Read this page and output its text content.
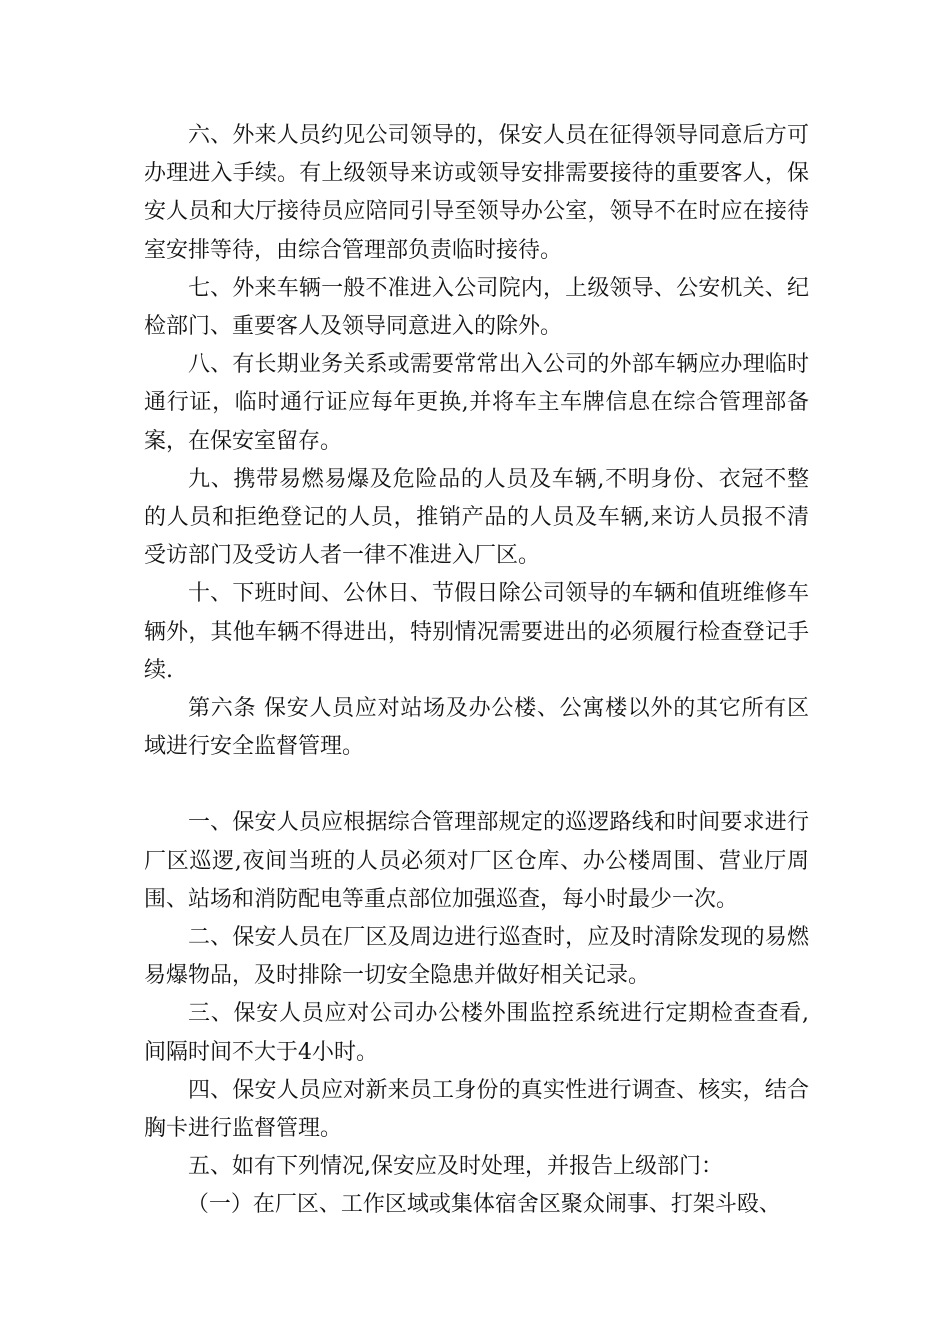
六、外来人员约见公司领导的，保安人员在征得领导同意后方可办理进入手续。有上级领导来访或领导安排需要接待的重要客人，保安人员和大厅接待员应陪同引导至领导办公室，领导不在时应在接待室安排等待，由综合管理部负责临时接待。

七、外来车辆一般不准进入公司院内，上级领导、公安机关、纪检部门、重要客人及领导同意进入的除外。

八、有长期业务关系或需要常常出入公司的外部车辆应办理临时通行证，临时通行证应每年更换,并将车主车牌信息在综合管理部备案，在保安室留存。

九、携带易燃易爆及危险品的人员及车辆,不明身份、衣冠不整的人员和拒绝登记的人员，推销产品的人员及车辆,来访人员报不清受访部门及受访人者一律不准进入厂区。

十、下班时间、公休日、节假日除公司领导的车辆和值班维修车辆外，其他车辆不得进出，特别情况需要进出的必须履行检查登记手续.

第六条 保安人员应对站场及办公楼、公寓楼以外的其它所有区域进行安全监督管理。

一、保安人员应根据综合管理部规定的巡逻路线和时间要求进行厂区巡逻,夜间当班的人员必须对厂区仓库、办公楼周围、营业厅周围、站场和消防配电等重点部位加强巡查，每小时最少一次。

二、保安人员在厂区及周边进行巡查时，应及时清除发现的易燃易爆物品，及时排除一切安全隐患并做好相关记录。

三、保安人员应对公司办公楼外围监控系统进行定期检查查看,间隔时间不大于4小时。

四、保安人员应对新来员工身份的真实性进行调查、核实，结合胸卡进行监督管理。

五、如有下列情况,保安应及时处理，并报告上级部门：

（一）在厂区、工作区域或集体宿舍区聚众闹事、打架斗殴、
